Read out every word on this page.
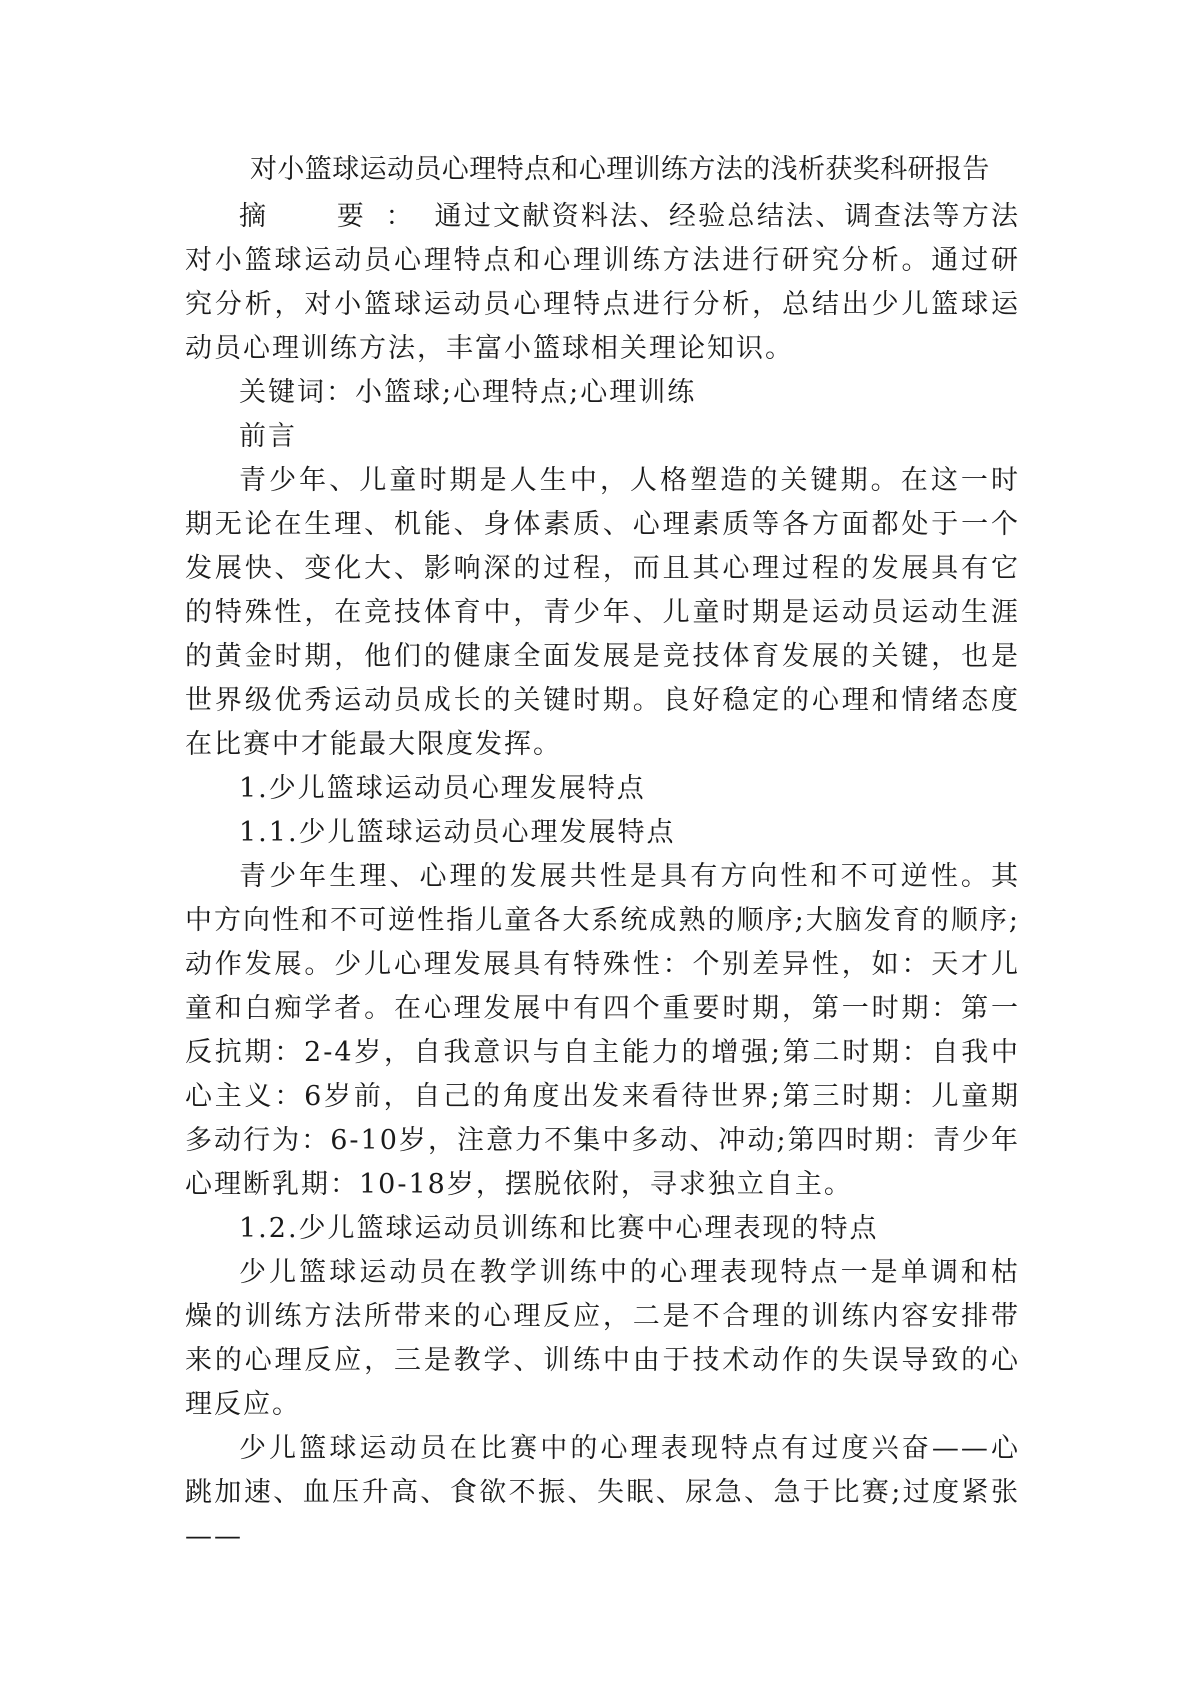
对小篮球运动员心理特点和心理训练方法的浅析获奖科研报告

摘　要：通过文献资料法、经验总结法、调查法等方法对小篮球运动员心理特点和心理训练方法进行研究分析。通过研究分析，对小篮球运动员心理特点进行分析，总结出少儿篮球运动员心理训练方法，丰富小篮球相关理论知识。

关键词：小篮球;心理特点;心理训练

前言

青少年、儿童时期是人生中，人格塑造的关键期。在这一时期无论在生理、机能、身体素质、心理素质等各方面都处于一个发展快、变化大、影响深的过程，而且其心理过程的发展具有它的特殊性，在竞技体育中，青少年、儿童时期是运动员运动生涯的黄金时期，他们的健康全面发展是竞技体育发展的关键，也是世界级优秀运动员成长的关键时期。良好稳定的心理和情绪态度在比赛中才能最大限度发挥。

1.少儿篮球运动员心理发展特点

1.1.少儿篮球运动员心理发展特点

青少年生理、心理的发展共性是具有方向性和不可逆性。其中方向性和不可逆性指儿童各大系统成熟的顺序;大脑发育的顺序;动作发展。少儿心理发展具有特殊性：个别差异性，如：天才儿童和白痴学者。在心理发展中有四个重要时期，第一时期：第一反抗期：2-4岁，自我意识与自主能力的增强;第二时期：自我中心主义：6岁前，自己的角度出发来看待世界;第三时期：儿童期多动行为：6-10岁，注意力不集中多动、冲动;第四时期：青少年心理断乳期：10-18岁，摆脱依附，寻求独立自主。

1.2.少儿篮球运动员训练和比赛中心理表现的特点

少儿篮球运动员在教学训练中的心理表现特点一是单调和枯燥的训练方法所带来的心理反应，二是不合理的训练内容安排带来的心理反应，三是教学、训练中由于技术动作的失误导致的心理反应。

少儿篮球运动员在比赛中的心理表现特点有过度兴奋——心跳加速、血压升高、食欲不振、失眠、尿急、急于比赛;过度紧张——
